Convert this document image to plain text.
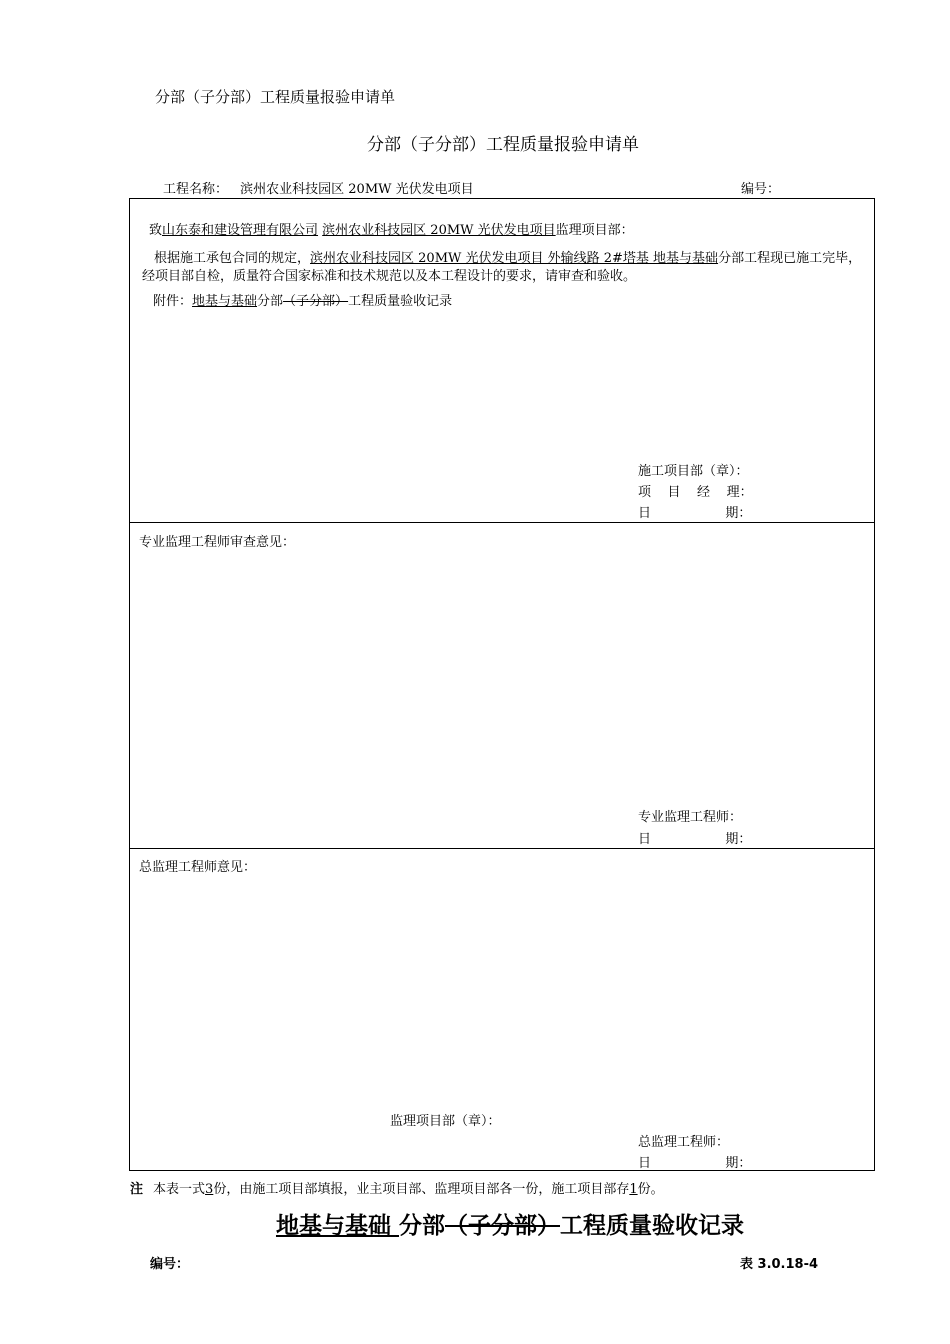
分部（子分部）工程质量报验申请单
分部（子分部）工程质量报验申请单
工程名称： 滨州农业科技园区 20MW 光伏发电项目	编号：
致山东泰和建设管理有限公司 滨州农业科技园区 20MW 光伏发电项目监理项目部：
根据施工承包合同的规定，滨州农业科技园区 20MW 光伏发电项目 外输线路 2#塔基 地基与基础分部工程现已施工完毕，经项目部自检，质量符合国家标准和技术规范以及本工程设计的要求，请审查和验收。
附件：地基与基础分部（子分部）工程质量验收记录
施工项目部（章）：
项    目    经    理：
日                  期：
专业监理工程师审查意见：
专业监理工程师：
日                  期：
总监理工程师意见：
监理项目部（章）：
总监理工程师：
日                  期：
注 本表一式3份，由施工项目部填报，业主项目部、监理项目部各一份，施工项目部存1份。
地基与基础 分部（子分部）工程质量验收记录
编号：	表 3.0.18-4
